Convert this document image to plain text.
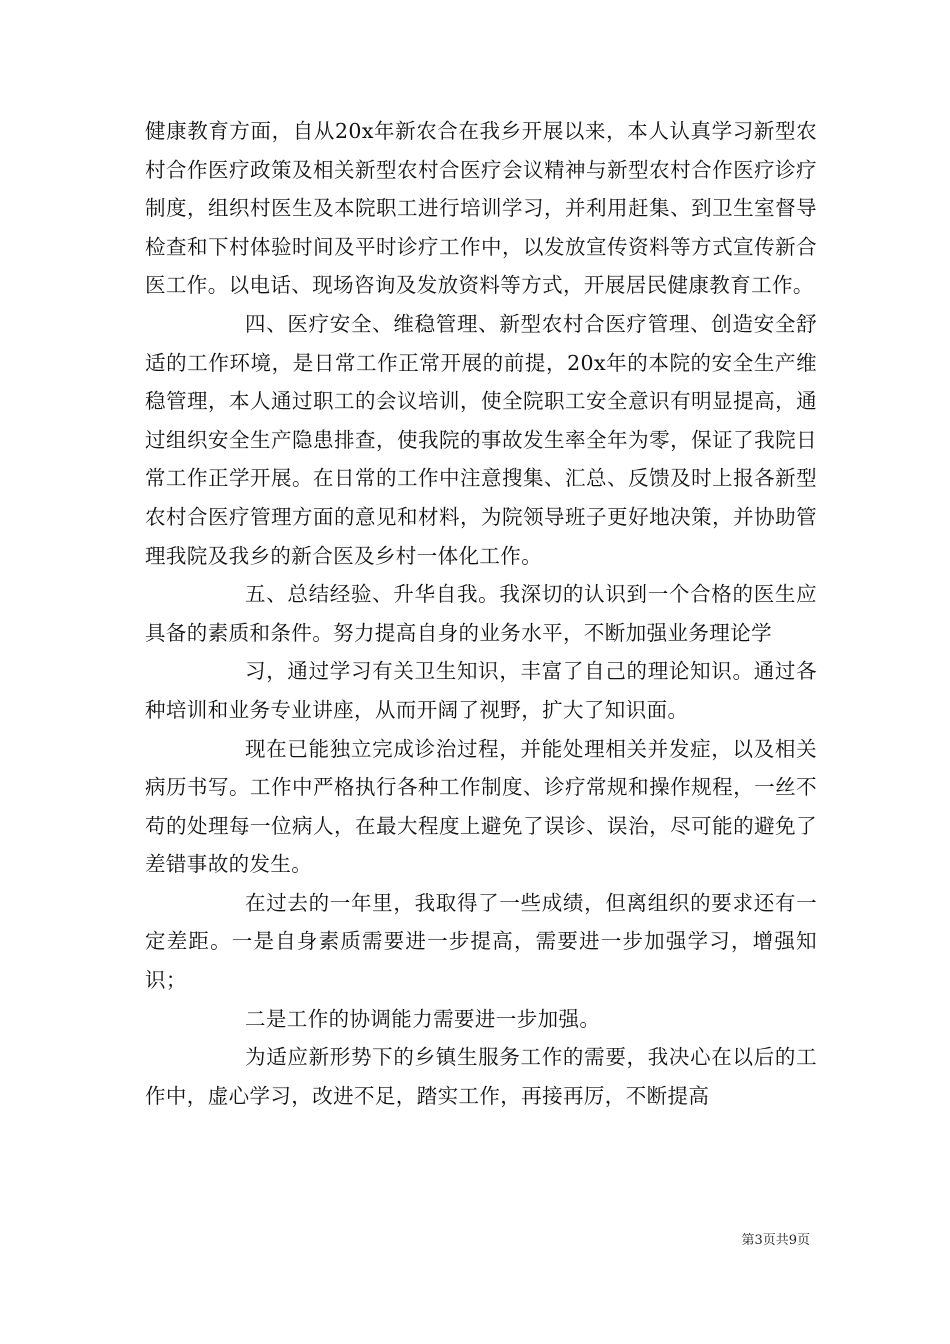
健康教育方面，自从20x年新农合在我乡开展以来，本人认真学习新型农村合作医疗政策及相关新型农村合医疗会议精神与新型农村合作医疗诊疗制度，组织村医生及本院职工进行培训学习，并利用赶集、到卫生室督导检查和下村体验时间及平时诊疗工作中，以发放宣传资料等方式宣传新合医工作。以电话、现场咨询及发放资料等方式，开展居民健康教育工作。

四、医疗安全、维稳管理、新型农村合医疗管理、创造安全舒适的工作环境，是日常工作正常开展的前提，20x年的本院的安全生产维稳管理，本人通过职工的会议培训，使全院职工安全意识有明显提高，通过组织安全生产隐患排查，使我院的事故发生率全年为零，保证了我院日常工作正学开展。在日常的工作中注意搜集、汇总、反馈及时上报各新型农村合医疗管理方面的意见和材料，为院领导班子更好地决策，并协助管理我院及我乡的新合医及乡村一体化工作。

五、总结经验、升华自我。我深切的认识到一个合格的医生应具备的素质和条件。努力提高自身的业务水平，不断加强业务理论学

习，通过学习有关卫生知识，丰富了自己的理论知识。通过各种培训和业务专业讲座，从而开阔了视野，扩大了知识面。

现在已能独立完成诊治过程，并能处理相关并发症，以及相关病历书写。工作中严格执行各种工作制度、诊疗常规和操作规程，一丝不苟的处理每一位病人，在最大程度上避免了误诊、误治，尽可能的避免了差错事故的发生。

在过去的一年里，我取得了一些成绩，但离组织的要求还有一定差距。一是自身素质需要进一步提高，需要进一步加强学习，增强知识；

二是工作的协调能力需要进一步加强。

为适应新形势下的乡镇生服务工作的需要，我决心在以后的工作中，虚心学习，改进不足，踏实工作，再接再厉，不断提高

第3页共9页
